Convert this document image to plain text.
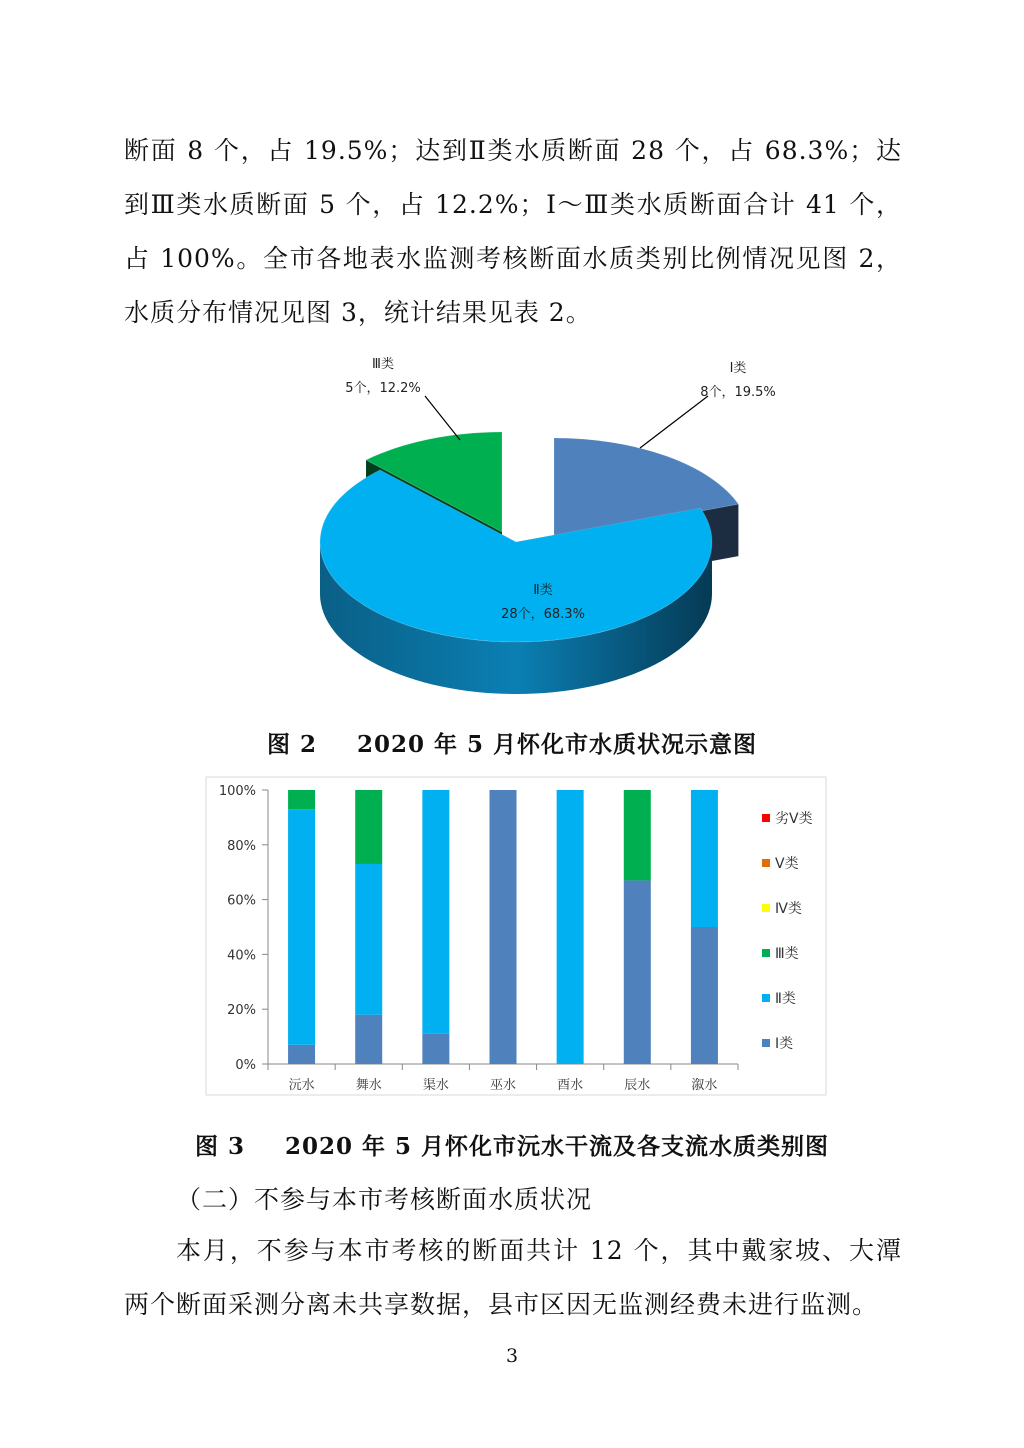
断面 8 个，占 19.5%；达到Ⅱ类水质断面 28 个，占 68.3%；达到Ⅲ类水质断面 5 个，占 12.2%；Ⅰ～Ⅲ类水质断面合计 41 个，占 100%。全市各地表水监测考核断面水质类别比例情况见图 2，水质分布情况见图 3，统计结果见表 2。
Ⅰ类
8个，19.5%
Ⅱ类
28个，68.3%
Ⅲ类
5个，12.2%
图 2 2020 年 5 月怀化市水质状况示意图
0%
20%
40%
60%
80%
100%
沅水	舞水	渠水	巫水	酉水	辰水	溆水
劣Ⅴ类
Ⅴ类
Ⅳ类
Ⅲ类
Ⅱ类
Ⅰ类
图 3 2020 年 5 月怀化市沅水干流及各支流水质类别图
（二）不参与本市考核断面水质状况
本月，不参与本市考核的断面共计 12 个，其中戴家坡、大潭两个断面采测分离未共享数据，县市区因无监测经费未进行监测。
3
